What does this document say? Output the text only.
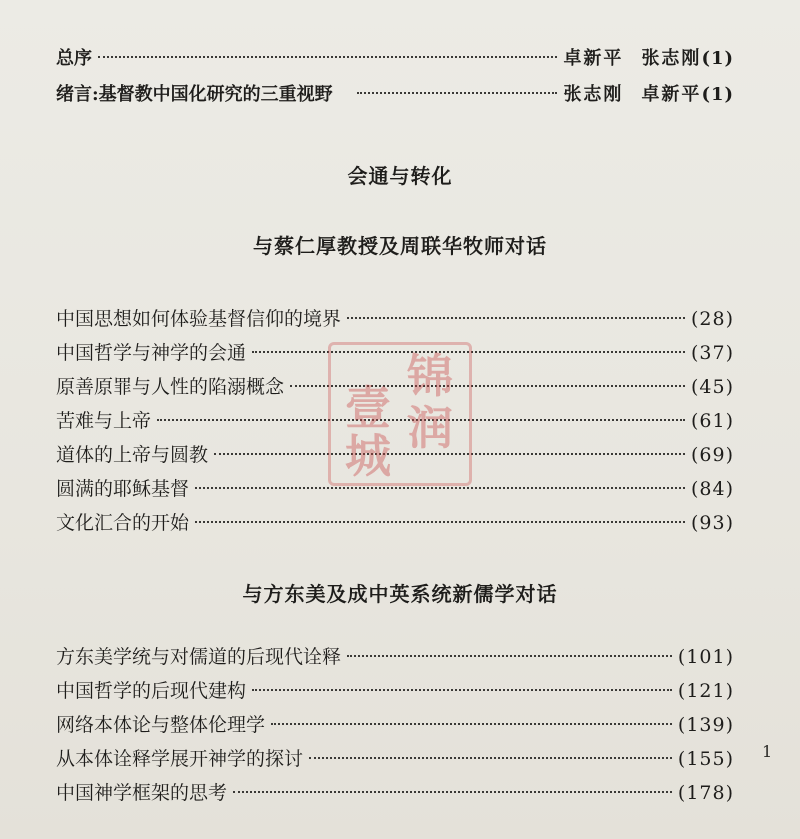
总序	卓新平 张志刚 (1)
绪言:基督教中国化研究的三重视野	张志刚 卓新平 (1)
会通与转化
与蔡仁厚教授及周联华牧师对话
中国思想如何体验基督信仰的境界	(28)
中国哲学与神学的会通	(37)
原善原罪与人性的陷溺概念	(45)
苦难与上帝	(61)
道体的上帝与圆教	(69)
圆满的耶稣基督	(84)
文化汇合的开始	(93)
与方东美及成中英系统新儒学对话
方东美学统与对儒道的后现代诠释	(101)
中国哲学的后现代建构	(121)
网络本体论与整体伦理学	(139)
从本体诠释学展开神学的探讨	(155)
中国神学框架的思考	(178)
1
壹
锦
城
润
